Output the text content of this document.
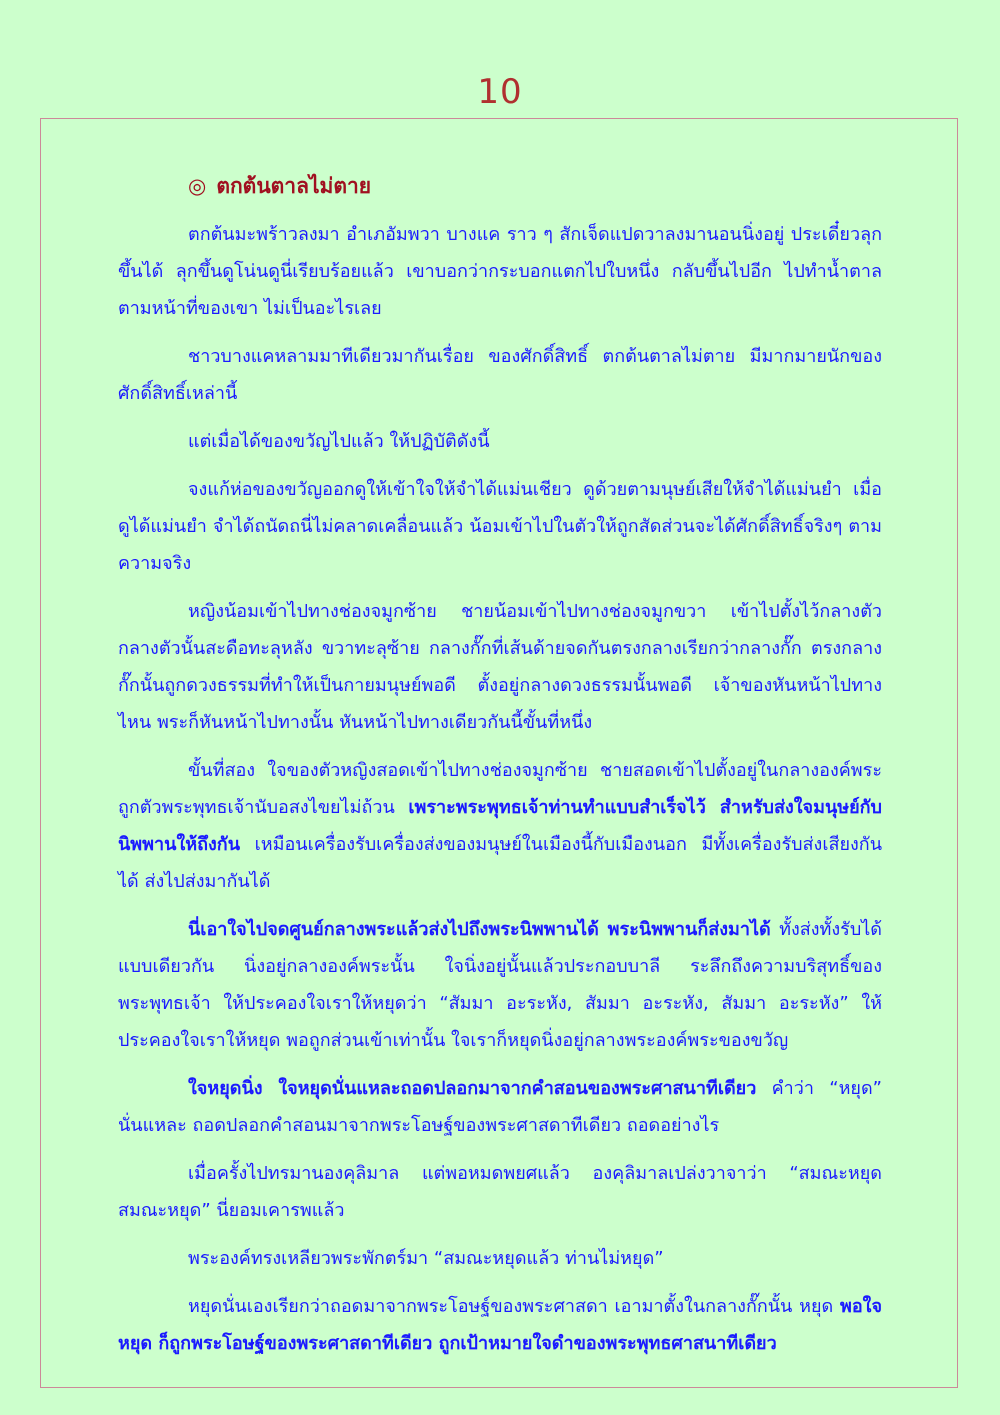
10
◎ ตกต้นตาลไม่ตาย

ตกต้นมะพร้าวลงมา อำเภอัมพวา บางแค ราว ๆ สักเจ็ดแปดวาลงมานอนนิ่งอยู่ ประเดี๋ยวลุกขึ้นได้ ลุกขึ้นดูโน่นดูนี่เรียบร้อยแล้ว เขาบอกว่ากระบอกแตกไปใบหนึ่ง กลับขึ้นไปอีก ไปทำน้ำตาลตามหน้าที่ของเขา ไม่เป็นอะไรเลย

ชาวบางแคหลามมาทีเดียวมากันเรื่อย ของศักดิ์สิทธิ์ ตกต้นตาลไม่ตาย มีมากมายนักของศักดิ์สิทธิ์เหล่านี้

แต่เมื่อได้ของขวัญไปแล้ว ให้ปฏิบัติดังนี้

จงแก้ห่อของขวัญออกดูให้เข้าใจให้จำได้แม่นเชียว ดูด้วยตามนุษย์เสียให้จำได้แม่นยำ เมื่อดูได้แม่นยำ จำได้ถนัดถนี่ไม่คลาดเคลื่อนแล้ว น้อมเข้าไปในตัวให้ถูกสัดส่วนจะได้ศักดิ์สิทธิ์จริงๆ ตามความจริง

หญิงน้อมเข้าไปทางช่องจมูกซ้าย ชายน้อมเข้าไปทางช่องจมูกขวา เข้าไปตั้งไว้กลางตัว กลางตัวนั้นสะดือทะลุหลัง ขวาทะลุซ้าย กลางกั๊กที่เส้นด้ายจดกันตรงกลางเรียกว่ากลางกั๊ก ตรงกลางกั๊กนั้นถูกดวงธรรมที่ทำให้เป็นกายมนุษย์พอดี ตั้งอยู่กลางดวงธรรมนั้นพอดี เจ้าของหันหน้าไปทางไหน พระก็หันหน้าไปทางนั้น หันหน้าไปทางเดียวกันนี้ขั้นที่หนึ่ง

ขั้นที่สอง ใจของตัวหญิงสอดเข้าไปทางช่องจมูกซ้าย ชายสอดเข้าไปตั้งอยู่ในกลางองค์พระ ถูกตัวพระพุทธเจ้านับอสงไขยไม่ถ้วน เพราะพระพุทธเจ้าท่านทำแบบสำเร็จไว้ สำหรับส่งใจมนุษย์กับนิพพานให้ถึงกัน เหมือนเครื่องรับเครื่องส่งของมนุษย์ในเมืองนี้กับเมืองนอก มีทั้งเครื่องรับส่งเสียงกันได้ ส่งไปส่งมากันได้

นี่เอาใจไปจดศูนย์กลางพระแล้วส่งไปถึงพระนิพพานได้ พระนิพพานก็ส่งมาได้ ทั้งส่งทั้งรับได้แบบเดียวกัน นิ่งอยู่กลางองค์พระนั้น ใจนิ่งอยู่นั้นแล้วประกอบบาลี ระลึกถึงความบริสุทธิ์ของพระพุทธเจ้า ให้ประคองใจเราให้หยุดว่า “สัมมา อะระหัง, สัมมา อะระหัง, สัมมา อะระหัง” ให้ประคองใจเราให้หยุด พอถูกส่วนเข้าเท่านั้น ใจเราก็หยุดนิ่งอยู่กลางพระองค์พระของขวัญ

ใจหยุดนิ่ง ใจหยุดนั่นแหละถอดปลอกมาจากคำสอนของพระศาสนาทีเดียว คำว่า “หยุด” นั่นแหละ ถอดปลอกคำสอนมาจากพระโอษฐ์ของพระศาสดาทีเดียว ถอดอย่างไร

เมื่อครั้งไปทรมานองคุลิมาล แต่พอหมดพยศแล้ว องคุลิมาลเปล่งวาจาว่า “สมณะหยุด สมณะหยุด” นี่ยอมเคารพแล้ว

พระองค์ทรงเหลียวพระพักตร์มา “สมณะหยุดแล้ว ท่านไม่หยุด”

หยุดนั่นเองเรียกว่าถอดมาจากพระโอษฐ์ของพระศาสดา เอามาตั้งในกลางกั๊กนั้น หยุด พอใจหยุด ก็ถูกพระโอษฐ์ของพระศาสดาทีเดียว ถูกเป้าหมายใจดำของพระพุทธศาสนาทีเดียว
